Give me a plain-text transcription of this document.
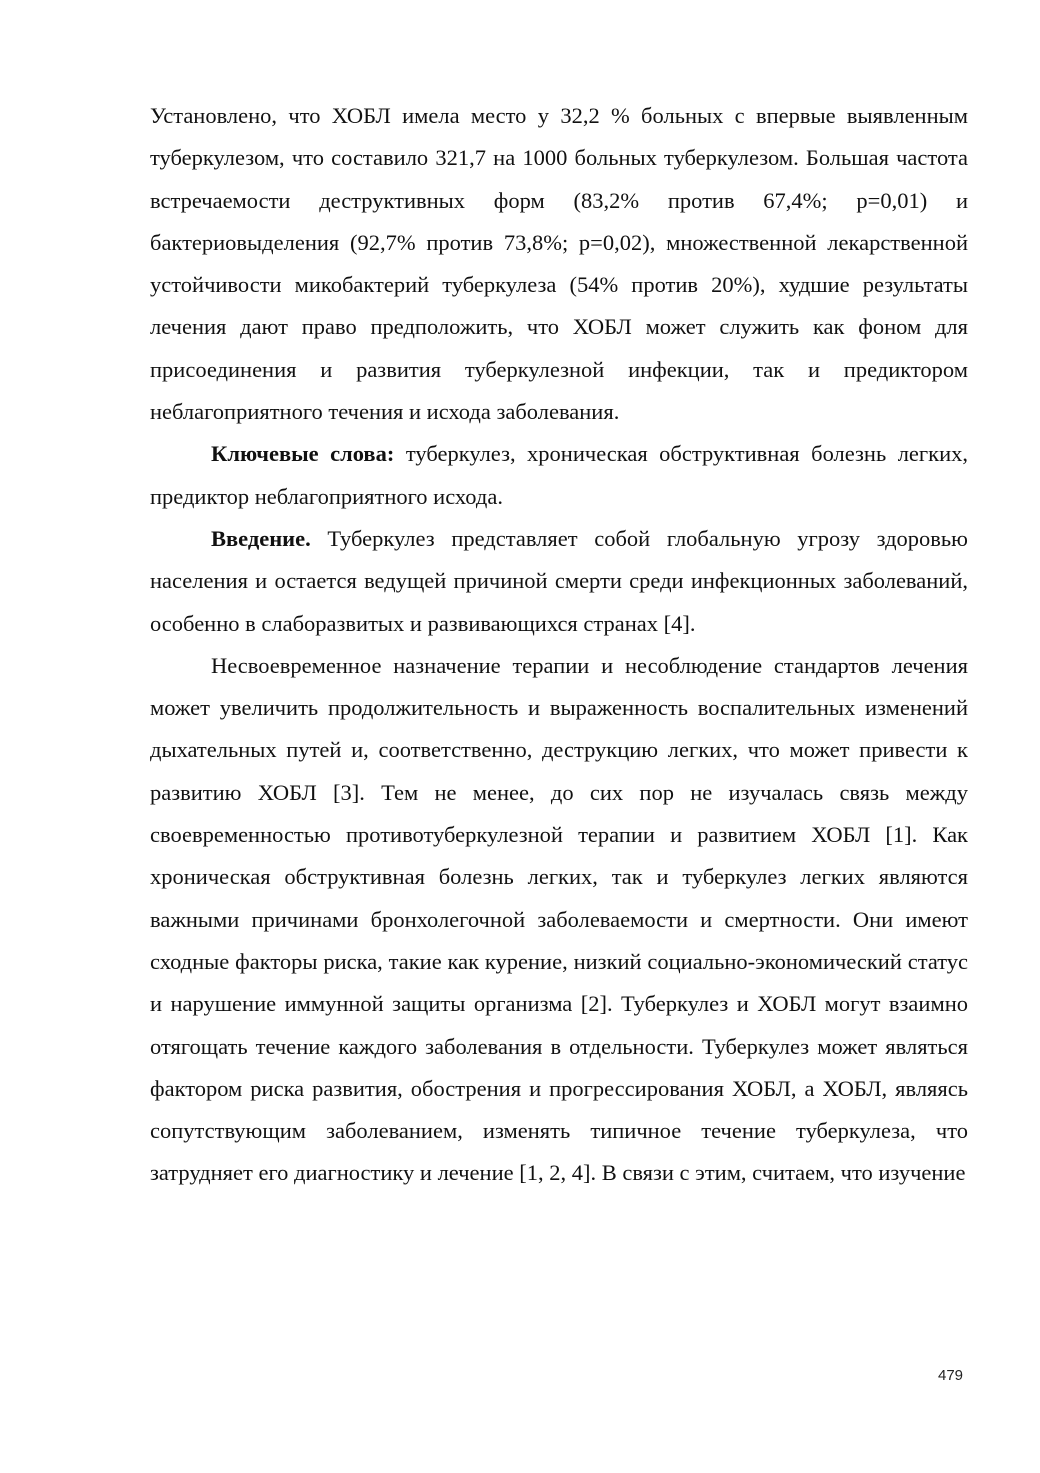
Установлено, что ХОБЛ имела место у 32,2 % больных с впервые выявленным туберкулезом, что составило 321,7 на 1000 больных туберкулезом. Большая частота встречаемости деструктивных форм (83,2% против 67,4%; р=0,01) и бактериовыделения (92,7% против 73,8%; р=0,02), множественной лекарственной устойчивости микобактерий туберкулеза (54% против 20%), худшие результаты лечения дают право предположить, что ХОБЛ может служить как фоном для присоединения и развития туберкулезной инфекции, так и предиктором неблагоприятного течения и исхода заболевания.

Ключевые слова: туберкулез, хроническая обструктивная болезнь легких, предиктор неблагоприятного исхода.

Введение. Туберкулез представляет собой глобальную угрозу здоровью населения и остается ведущей причиной смерти среди инфекционных заболеваний, особенно в слаборазвитых и развивающихся странах [4].

Несвоевременное назначение терапии и несоблюдение стандартов лечения может увеличить продолжительность и выраженность воспалительных изменений дыхательных путей и, соответственно, деструкцию легких, что может привести к развитию ХОБЛ [3]. Тем не менее, до сих пор не изучалась связь между своевременностью противотуберкулезной терапии и развитием ХОБЛ [1]. Как хроническая обструктивная болезнь легких, так и туберкулез легких являются важными причинами бронхолегочной заболеваемости и смертности. Они имеют сходные факторы риска, такие как курение, низкий социально-экономический статус и нарушение иммунной защиты организма [2]. Туберкулез и ХОБЛ могут взаимно отягощать течение каждого заболевания в отдельности. Туберкулез может являться фактором риска развития, обострения и прогрессирования ХОБЛ, а ХОБЛ, являясь сопутствующим заболеванием, изменять типичное течение туберкулеза, что затрудняет его диагностику и лечение [1, 2, 4]. В связи с этим, считаем, что изучение

479
